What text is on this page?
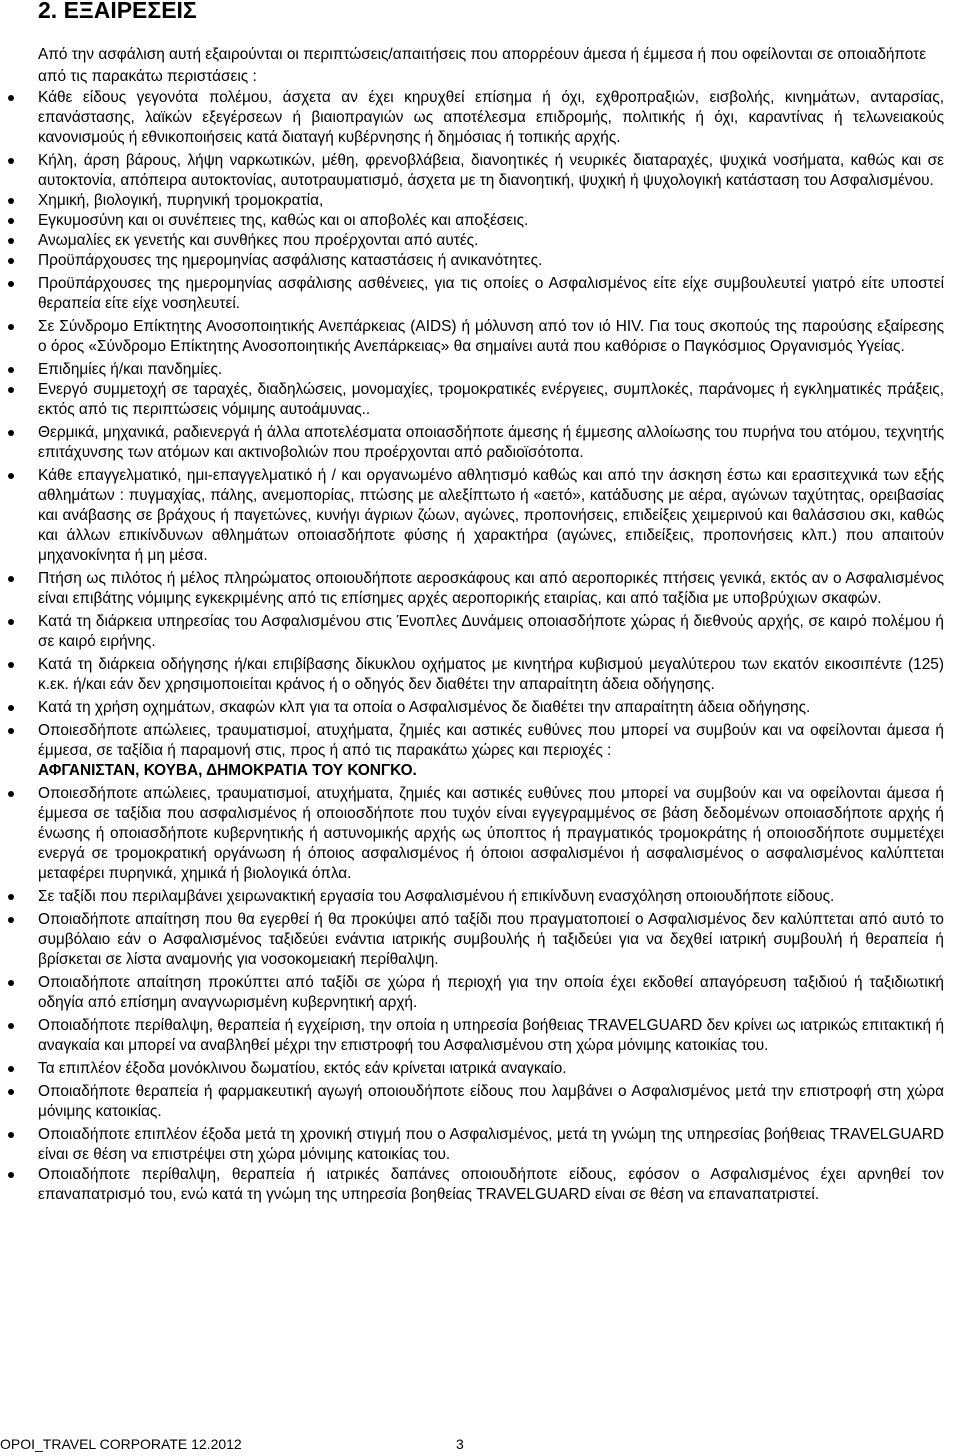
2. ΕΞΑΙΡΕΣΕΙΣ

Από την ασφάλιση αυτή εξαιρούνται οι περιπτώσεις/απαιτήσεις που απορρέουν άμεσα ή έμμεσα ή που οφείλονται σε οποιαδήποτε από τις παρακάτω περιστάσεις :

Κάθε είδους γεγονότα πολέμου, άσχετα αν έχει κηρυχθεί επίσημα ή όχι, εχθροπραξιών, εισβολής, κινημάτων, ανταρσίας, επανάστασης, λαϊκών εξεγέρσεων ή βιαιοπραγιών ως αποτέλεσμα επιδρομής, πολιτικής ή όχι, καραντίνας ή τελωνειακούς κανονισμούς ή εθνικοποιήσεις κατά διαταγή κυβέρνησης ή δημόσιας ή τοπικής αρχής.
Κήλη, άρση βάρους, λήψη ναρκωτικών, μέθη, φρενοβλάβεια, διανοητικές ή νευρικές διαταραχές, ψυχικά νοσήματα, καθώς και σε αυτοκτονία, απόπειρα αυτοκτονίας, αυτοτραυματισμό, άσχετα με τη διανοητική, ψυχική ή ψυχολογική κατάσταση του Ασφαλισμένου.
Χημική, βιολογική, πυρηνική τρομοκρατία,
Εγκυμοσύνη και οι συνέπειες της, καθώς και οι αποβολές και αποξέσεις.
Ανωμαλίες εκ γενετής και συνθήκες που προέρχονται από αυτές.
Προϋπάρχουσες της ημερομηνίας ασφάλισης καταστάσεις ή ανικανότητες.
Προϋπάρχουσες της ημερομηνίας ασφάλισης ασθένειες, για τις οποίες ο Ασφαλισμένος είτε είχε συμβουλευτεί γιατρό είτε υποστεί θεραπεία είτε είχε νοσηλευτεί.
Σε Σύνδρομο Επίκτητης Ανοσοποιητικής Ανεπάρκειας (AIDS) ή μόλυνση από τον ιό HIV. Για τους σκοπούς της παρούσης εξαίρεσης ο όρος «Σύνδρομο Επίκτητης Ανοσοποιητικής Ανεπάρκειας» θα σημαίνει αυτά που καθόρισε ο Παγκόσμιος Οργανισμός Υγείας.
Επιδημίες ή/και πανδημίες.
Ενεργό συμμετοχή σε ταραχές, διαδηλώσεις, μονομαχίες, τρομοκρατικές ενέργειες, συμπλοκές, παράνομες ή εγκληματικές πράξεις, εκτός από τις περιπτώσεις νόμιμης αυτοάμυνας..
Θερμικά, μηχανικά, ραδιενεργά ή άλλα αποτελέσματα οποιασδήποτε άμεσης ή έμμεσης αλλοίωσης του πυρήνα του ατόμου, τεχνητής επιτάχυνσης των ατόμων και ακτινοβολιών που προέρχονται από ραδιοϊσότοπα.
Κάθε επαγγελματικό, ημι-επαγγελματικό ή / και οργανωμένο αθλητισμό καθώς και από την άσκηση έστω και ερασιτεχνικά των εξής αθλημάτων : πυγμαχίας, πάλης, ανεμοπορίας, πτώσης με αλεξίπτωτο ή «αετό», κατάδυσης με αέρα, αγώνων ταχύτητας, ορειβασίας και ανάβασης σε βράχους ή παγετώνες, κυνήγι άγριων ζώων, αγώνες, προπονήσεις, επιδείξεις χειμερινού και θαλάσσιου σκι, καθώς και άλλων επικίνδυνων αθλημάτων οποιασδήποτε φύσης ή χαρακτήρα (αγώνες, επιδείξεις, προπονήσεις κλπ.) που απαιτούν μηχανοκίνητα ή μη μέσα.
Πτήση ως πιλότος ή μέλος πληρώματος οποιουδήποτε αεροσκάφους και από αεροπορικές πτήσεις γενικά, εκτός αν ο Ασφαλισμένος είναι επιβάτης νόμιμης εγκεκριμένης από τις επίσημες αρχές αεροπορικής εταιρίας, και από ταξίδια με υποβρύχιων σκαφών.
Κατά τη διάρκεια υπηρεσίας του Ασφαλισμένου στις Ένοπλες Δυνάμεις οποιασδήποτε χώρας ή διεθνούς αρχής, σε καιρό πολέμου ή σε καιρό ειρήνης.
Κατά τη διάρκεια οδήγησης ή/και επιβίβασης δίκυκλου οχήματος με κινητήρα κυβισμού μεγαλύτερου των εκατόν εικοσιπέντε (125) κ.εκ. ή/και εάν δεν χρησιμοποιείται κράνος ή ο οδηγός δεν διαθέτει την απαραίτητη άδεια οδήγησης.
Κατά τη χρήση οχημάτων, σκαφών κλπ για τα οποία ο Ασφαλισμένος δε διαθέτει την απαραίτητη άδεια οδήγησης.
Οποιεσδήποτε απώλειες, τραυματισμοί, ατυχήματα, ζημιές και αστικές ευθύνες που μπορεί να συμβούν και να οφείλονται άμεσα ή έμμεσα, σε ταξίδια ή παραμονή στις, προς ή από τις παρακάτω χώρες και περιοχές :
ΑΦΓΑΝΙΣΤΑΝ, ΚΟΥΒΑ, ΔΗΜΟΚΡΑΤΙΑ ΤΟΥ ΚΟΝΓΚΟ.
Οποιεσδήποτε απώλειες, τραυματισμοί, ατυχήματα, ζημιές και αστικές ευθύνες που μπορεί να συμβούν και να οφείλονται άμεσα ή έμμεσα σε ταξίδια που ασφαλισμένος ή οποιοσδήποτε που τυχόν είναι εγγεγραμμένος σε βάση δεδομένων οποιασδήποτε αρχής ή ένωσης ή οποιασδήποτε κυβερνητικής ή αστυνομικής αρχής ως ύποπτος ή πραγματικός τρομοκράτης ή οποιοσδήποτε συμμετέχει ενεργά σε τρομοκρατική οργάνωση ή όποιος ασφαλισμένος ή όποιοι ασφαλισμένοι ή ασφαλισμένος ο ασφαλισμένος καλύπτεται μεταφέρει πυρηνικά, χημικά ή βιολογικά όπλα.
Σε ταξίδι που περιλαμβάνει χειρωνακτική εργασία του Ασφαλισμένου ή επικίνδυνη ενασχόληση οποιουδήποτε είδους.
Οποιαδήποτε απαίτηση που θα εγερθεί ή θα προκύψει από ταξίδι που πραγματοποιεί ο Ασφαλισμένος δεν καλύπτεται από αυτό το συμβόλαιο εάν ο Ασφαλισμένος ταξιδεύει ενάντια ιατρικής συμβουλής ή ταξιδεύει για να δεχθεί ιατρική συμβουλή ή θεραπεία ή βρίσκεται σε λίστα αναμονής για νοσοκομειακή περίθαλψη.
Οποιαδήποτε απαίτηση προκύπτει από ταξίδι σε χώρα ή περιοχή για την οποία έχει εκδοθεί απαγόρευση ταξιδιού ή ταξιδιωτική οδηγία από επίσημη αναγνωρισμένη κυβερνητική αρχή.
Οποιαδήποτε περίθαλψη, θεραπεία ή εγχείριση, την οποία η υπηρεσία βοήθειας TRAVELGUARD δεν κρίνει ως ιατρικώς επιτακτική ή αναγκαία και μπορεί να αναβληθεί μέχρι την επιστροφή του Ασφαλισμένου στη χώρα μόνιμης κατοικίας του.
Τα επιπλέον έξοδα μονόκλινου δωματίου, εκτός εάν κρίνεται ιατρικά αναγκαίο.
Οποιαδήποτε θεραπεία ή φαρμακευτική αγωγή οποιουδήποτε είδους που λαμβάνει ο Ασφαλισμένος μετά την επιστροφή στη χώρα μόνιμης κατοικίας.
Οποιαδήποτε επιπλέον έξοδα μετά τη χρονική στιγμή που ο Ασφαλισμένος, μετά τη γνώμη της υπηρεσίας βοήθειας TRAVELGUARD είναι σε θέση να επιστρέψει στη χώρα μόνιμης κατοικίας του.
Οποιαδήποτε περίθαλψη, θεραπεία ή ιατρικές δαπάνες οποιουδήποτε είδους, εφόσον ο Ασφαλισμένος έχει αρνηθεί τον επαναπατρισμό του, ενώ κατά τη γνώμη της υπηρεσία βοηθείας TRAVELGUARD είναι σε θέση να επαναπατριστεί.
OPOI_TRAVEL CORPORATE 12.2012	3
